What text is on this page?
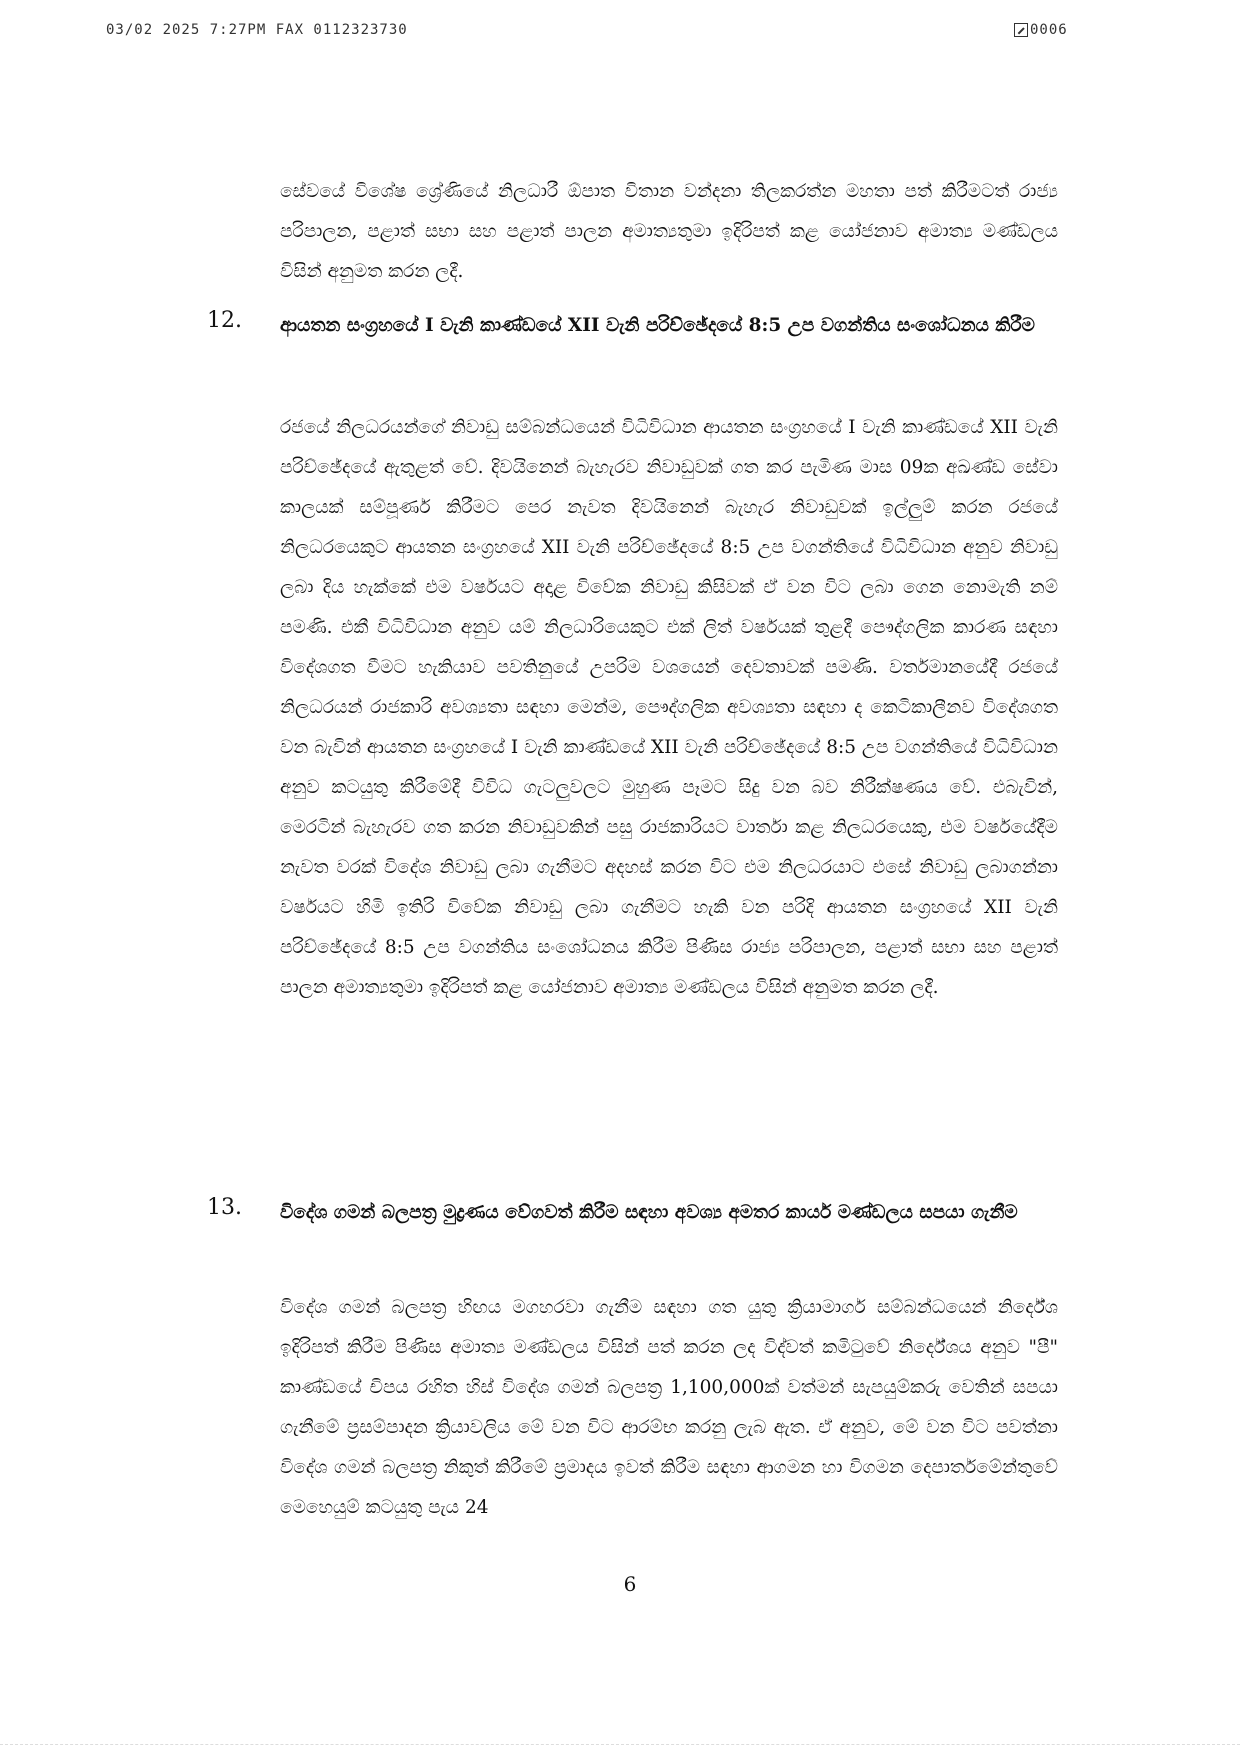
03/02 2025 7:27PM FAX 0112323730	0006
සේවයේ විශේෂ ශ්‍රේණියේ නිලධාරී ඕපාත විතාන වන්දනා තිලකරත්න මහතා පත් කිරීමටත් රාජ්‍ය පරිපාලන, පළාත් සභා සහ පළාත් පාලන අමාත්‍යතුමා ඉදිරිපත් කළ යෝජනාව අමාත්‍ය මණ්ඩලය විසින් අනුමත කරන ලදී.
12. ආයතන සංග්‍රහයේ I වැනි කාණ්ඩයේ XII වැනි පරිච්ඡේදයේ 8:5 උප වගන්තිය සංශෝධනය කිරීම
රජයේ නිලධරයන්ගේ නිවාඩු සම්බන්ධයෙන් විධිවිධාන ආයතන සංග්‍රහයේ I වැනි කාණ්ඩයේ XII වැනි පරිච්ඡේදයේ ඇතුළත් වේ. දිවයිනෙන් බැහැරව නිවාඩුවක් ගත කර පැමිණ මාස 09ක අඛණ්ඩ සේවා කාලයක් සම්පූර්ණ කිරීමට පෙර නැවත දිවයිනෙන් බැහැර නිවාඩුවක් ඉල්ලුම් කරන රජයේ නිලධරයෙකුට ආයතන සංග්‍රහයේ XII වැනි පරිච්ඡේදයේ 8:5 උප වගන්තියේ විධිවිධාන අනුව නිවාඩු ලබා දිය හැක්කේ එම වර්ෂයට අදාළ විවේක නිවාඩු කිසිවක් ඒ වන විට ලබා ගෙන නොමැති නම් පමණි. එකී විධිවිධාන අනුව යම් නිලධාරියෙකුට එක් ලිත් වර්ෂයක් තුළදී පෞද්ගලික කාරණ සඳහා විදේශගත වීමට හැකියාව පවතිනුයේ උපරිම වශයෙන් දෙවතාවක් පමණි. වර්තමානයේදී රජයේ නිලධරයන් රාජකාරි අවශ්‍යතා සඳහා මෙන්ම, පෞද්ගලික අවශ්‍යතා සඳහා ද කෙටිකාලීනව විදේශගත වන බැවින් ආයතන සංග්‍රහයේ I වැනි කාණ්ඩයේ XII වැනි පරිච්ඡේදයේ 8:5 උප වගන්තියේ විධිවිධාන අනුව කටයුතු කිරීමේදී විවිධ ගැටලුවලට මුහුණ පෑමට සිදු වන බව නිරීක්ෂණය වේ. එබැවින්, මෙරටින් බැහැරව ගත කරන නිවාඩුවකින් පසු රාජකාරියට වාර්තා කළ නිලධරයෙකු, එම වර්ෂයේදීම නැවත වරක් විදේශ නිවාඩු ලබා ගැනීමට අදහස් කරන විට එම නිලධරයාට එසේ නිවාඩු ලබාගන්නා වර්ෂයට හිමි ඉතිරි විවේක නිවාඩු ලබා ගැනීමට හැකි වන පරිදි ආයතන සංග්‍රහයේ XII වැනි පරිච්ඡේදයේ 8:5 උප වගන්තිය සංශෝධනය කිරීම පිණිස රාජ්‍ය පරිපාලන, පළාත් සභා සහ පළාත් පාලන අමාත්‍යතුමා ඉදිරිපත් කළ යෝජනාව අමාත්‍ය මණ්ඩලය විසින් අනුමත කරන ලදී.
13. විදේශ ගමන් බලපත්‍ර මුද්‍රණය වේගවත් කිරීම සඳහා අවශ්‍ය අමතර කාර්ය මණ්ඩලය සපයා ගැනීම
විදේශ ගමන් බලපත්‍ර හිඟය මගහරවා ගැනීම සඳහා ගත යුතු ක්‍රියාමාර්ග සම්බන්ධයෙන් නිර්දේශ ඉදිරිපත් කිරීම පිණිස අමාත්‍ය මණ්ඩලය විසින් පත් කරන ලද විද්වත් කමිටුවේ නිර්දේශය අනුව "පී" කාණ්ඩයේ චිපය රහිත හිස් විදේශ ගමන් බලපත්‍ර 1,100,000ක් වත්මන් සැපයුම්කරු වෙතින් සපයා ගැනීමේ ප්‍රසම්පාදන ක්‍රියාවලිය මේ වන විට ආරම්භ කරනු ලැබ ඇත. ඒ අනුව, මේ වන විට පවත්නා විදේශ ගමන් බලපත්‍ර නිකුත් කිරීමේ ප්‍රමාදය ඉවත් කිරීම සඳහා ආගමන හා විගමන දෙපාර්තමේන්තුවේ මෙහෙයුම් කටයුතු පැය 24
6
